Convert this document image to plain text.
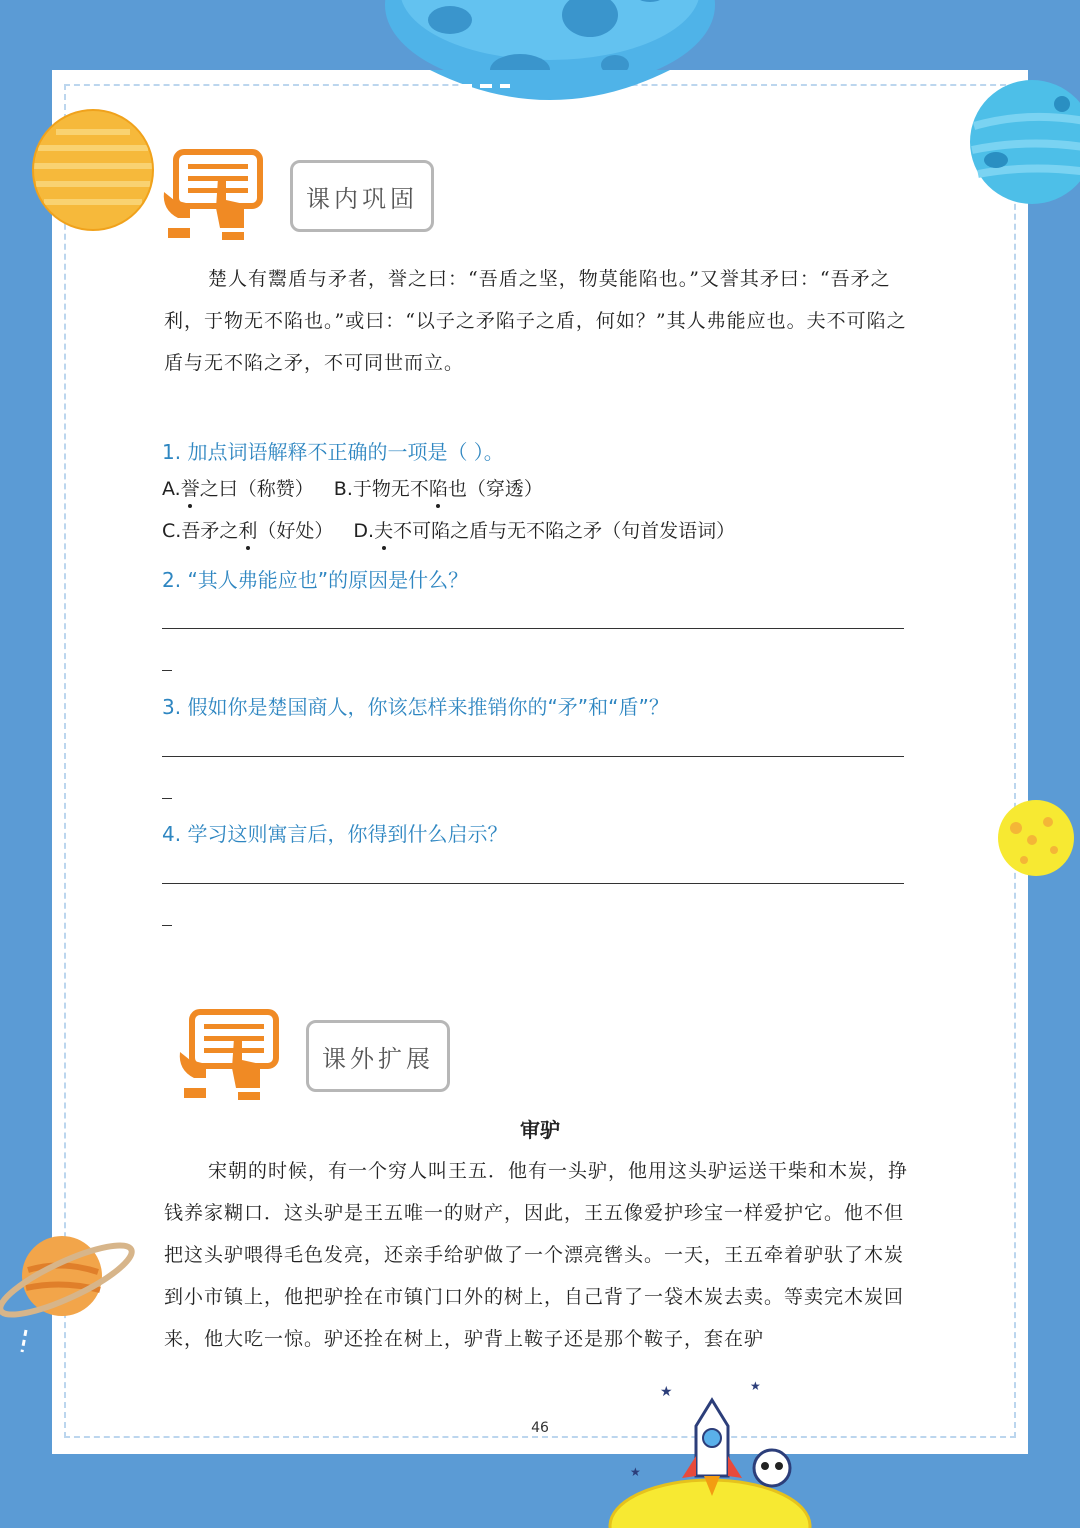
★	★
★
课内巩固
楚人有鬻盾与矛者，誉之曰：“吾盾之坚，物莫能陷也。”又誉其矛曰：“吾矛之利，于物无不陷也。”或曰：“以子之矛陷子之盾，何如？”其人弗能应也。夫不可陷之盾与无不陷之矛，不可同世而立。
1. 加点词语解释不正确的一项是（ ）。
A.誉之曰（称赞） B.于物无不陷也（穿透）
C.吾矛之利（好处） D.夫不可陷之盾与无不陷之矛（句首发语词）
2. “其人弗能应也”的原因是什么？
3. 假如你是楚国商人，你该怎样来推销你的“矛”和“盾”？
4. 学习这则寓言后，你得到什么启示？
课外扩展
审驴
宋朝的时候，有一个穷人叫王五．他有一头驴，他用这头驴运送干柴和木炭，挣钱养家糊口．这头驴是王五唯一的财产，因此，王五像爱护珍宝一样爱护它。他不但把这头驴喂得毛色发亮，还亲手给驴做了一个漂亮辔头。一天，王五牵着驴驮了木炭到小市镇上，他把驴拴在市镇门口外的树上，自己背了一袋木炭去卖。等卖完木炭回来，他大吃一惊。驴还拴在树上，驴背上鞍子还是那个鞍子，套在驴
46
